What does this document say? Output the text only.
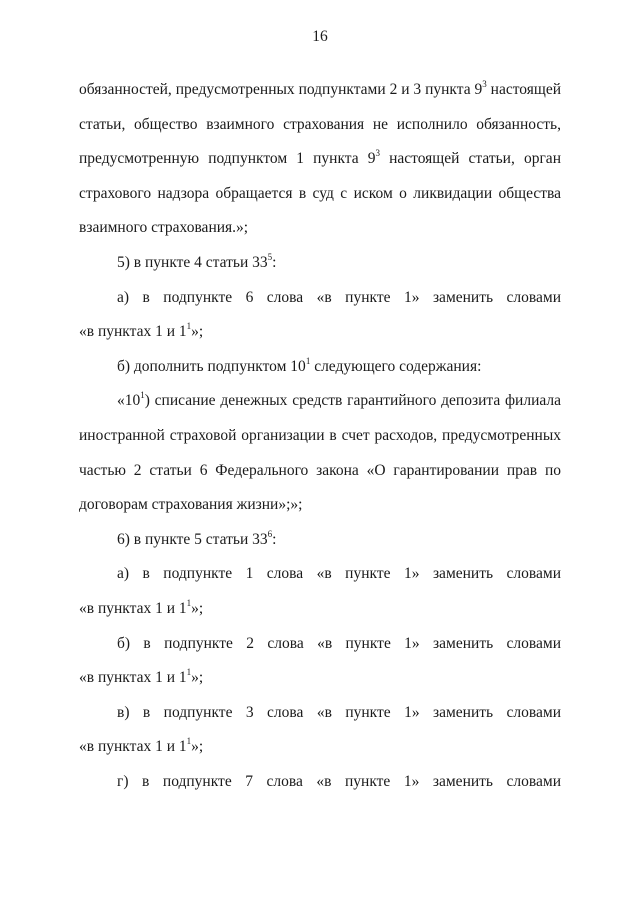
16
обязанностей, предусмотренных подпунктами 2 и 3 пункта $9^3$ настоящей
статьи, общество взаимного страхования не исполнило обязанность,
предусмотренную подпунктом 1 пункта $9^3$ настоящей статьи, орган
страхового надзора обращается в суд с иском о ликвидации общества
взаимного страхования.»;
5) в пункте 4 статьи $33^5$:
а) в подпункте 6 слова «в пункте 1» заменить словами
«в пунктах 1 и $1^1$»;
б) дополнить подпунктом $10^1$ следующего содержания:
«$10^1$) списание денежных средств гарантийного депозита филиала
иностранной страховой организации в счет расходов, предусмотренных
частью 2 статьи 6 Федерального закона «О гарантировании прав по
договорам страхования жизни»;»;
6) в пункте 5 статьи $33^6$:
а) в подпункте 1 слова «в пункте 1» заменить словами
«в пунктах 1 и $1^1$»;
б) в подпункте 2 слова «в пункте 1» заменить словами
«в пунктах 1 и $1^1$»;
в) в подпункте 3 слова «в пункте 1» заменить словами
«в пунктах 1 и $1^1$»;
г) в подпункте 7 слова «в пункте 1» заменить словами
